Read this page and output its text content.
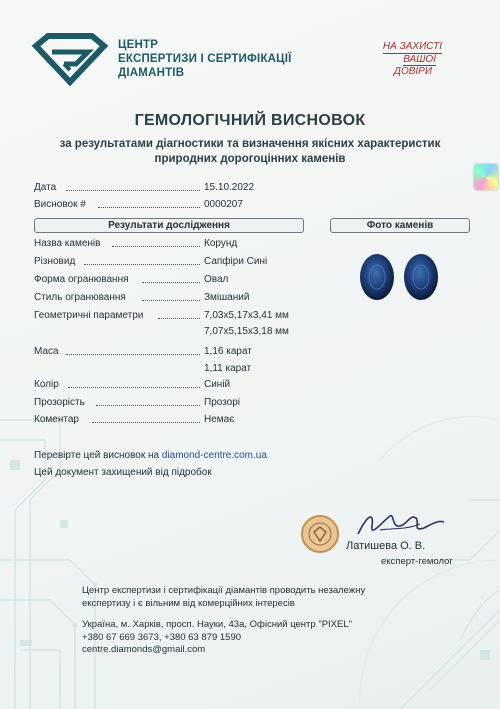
ЦЕНТР
ЕКСПЕРТИЗИ І СЕРТИФІКАЦІЇ
ДІАМАНТІВ
НА ЗАХИСТІ
ВАШОЇ
ДОВІРИ
ГЕМОЛОГІЧНИЙ ВИСНОВОК
за результатами діагностики та визначення якісних характеристик
природних дорогоцінних каменів
Дата	15.10.2022
Висновок #	0000207
Результати дослідження	Фото каменів
Назва каменів	Корунд
Різновид	Сапфіри Сині
Форма огранювання	Овал
Стиль огранювання	Змішаний
Геометричні параметри	7,03x5,17x3,41 мм
7,07x5,15x3,18 мм
Маса	1,16 карат
1,11 карат
Колір	Синій
Прозорість	Прозорі
Коментар	Немає
Перевірте цей висновок на diamond-centre.com.ua
Цей документ захищений від підробок
Латишева О. В.
експерт-гемолог
Центр експертизи і сертифікації діамантів проводить незалежну
експертизу і є вільним від комерційних інтересів
Україна, м. Харків, просп. Науки, 43а, Офісний центр "PIXEL"
+380 67 669 3673, +380 63 879 1590
centre.diamonds@gmail.com
